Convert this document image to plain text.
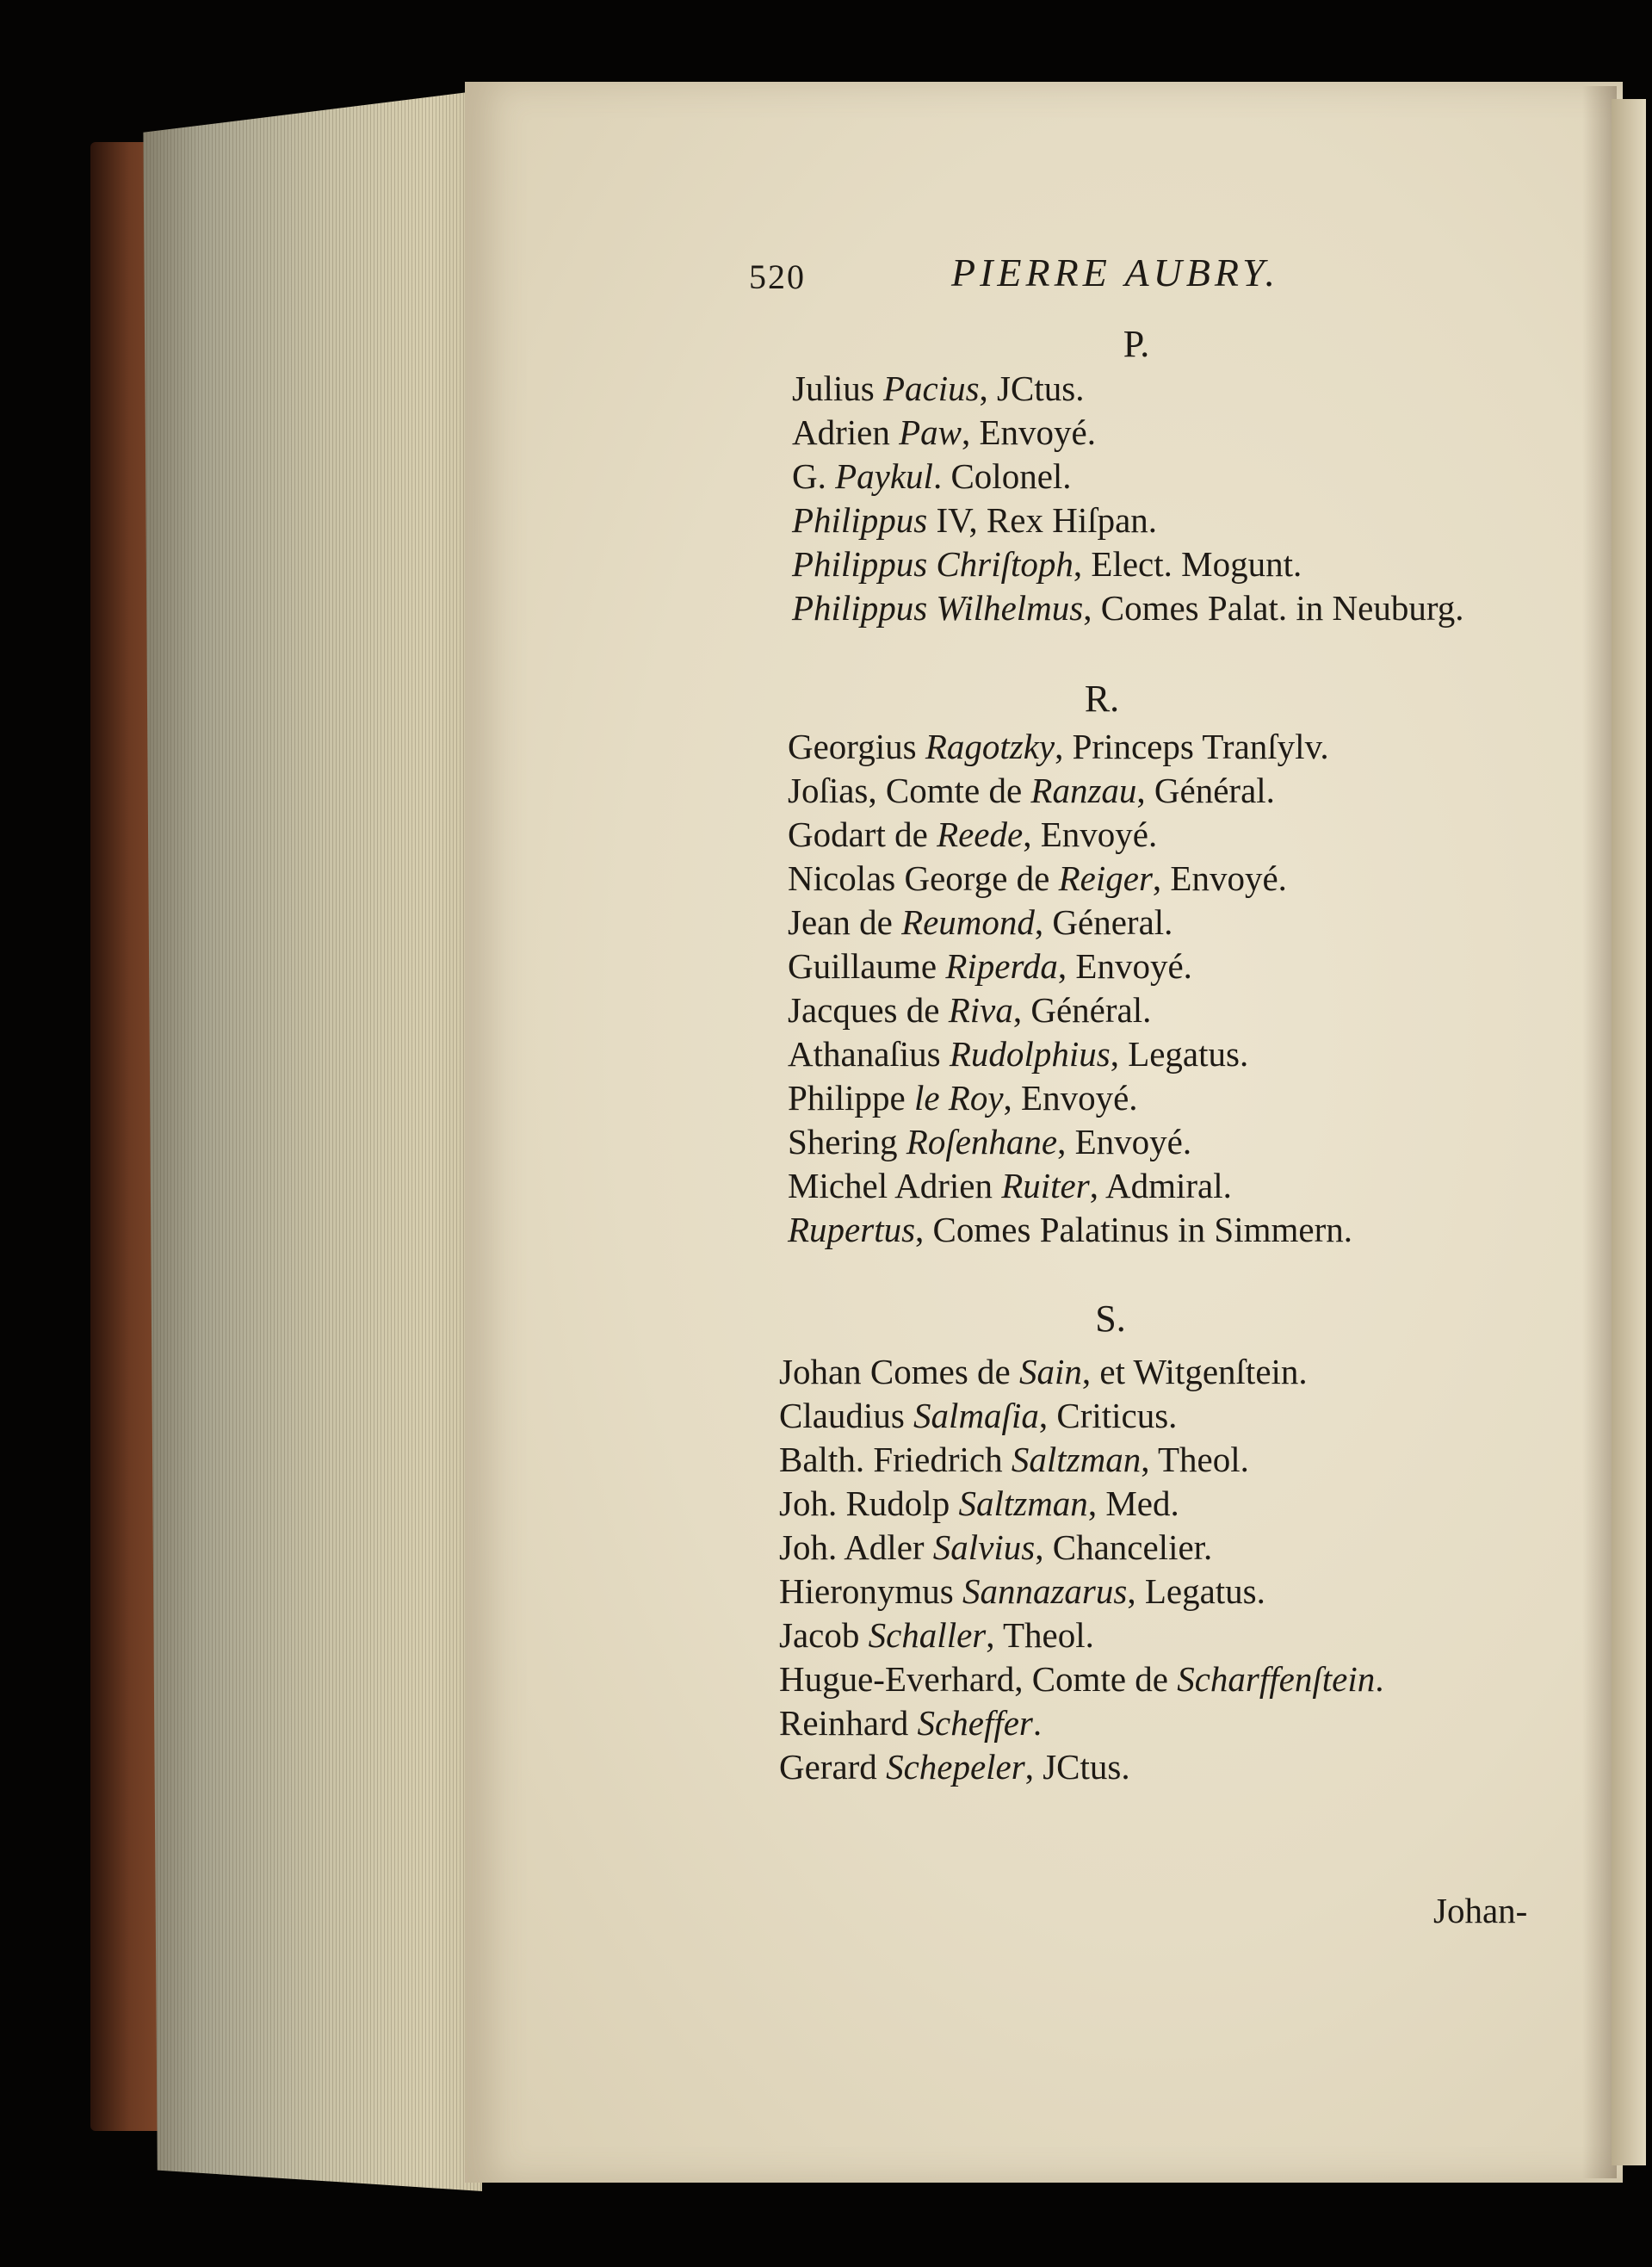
520	PIERRE AUBRY.
P.
Julius Pacius, JCtus.
Adrien Paw, Envoyé.
G. Paykul. Colonel.
Philippus IV, Rex Hiſpan.
Philippus Chriſtoph, Elect. Mogunt.
Philippus Wilhelmus, Comes Palat. in Neuburg.
R.
Georgius Ragotzky, Princeps Tranſylv.
Joſias, Comte de Ranzau, Général.
Godart de Reede, Envoyé.
Nicolas George de Reiger, Envoyé.
Jean de Reumond, Géneral.
Guillaume Riperda, Envoyé.
Jacques de Riva, Général.
Athanaſius Rudolphius, Legatus.
Philippe le Roy, Envoyé.
Shering Roſenhane, Envoyé.
Michel Adrien Ruiter, Admiral.
Rupertus, Comes Palatinus in Simmern.
S.
Johan Comes de Sain, et Witgenſtein.
Claudius Salmaſia, Criticus.
Balth. Friedrich Saltzman, Theol.
Joh. Rudolp Saltzman, Med.
Joh. Adler Salvius, Chancelier.
Hieronymus Sannazarus, Legatus.
Jacob Schaller, Theol.
Hugue-Everhard, Comte de Scharffenſtein.
Reinhard Scheffer.
Gerard Schepeler, JCtus.
Johan-
